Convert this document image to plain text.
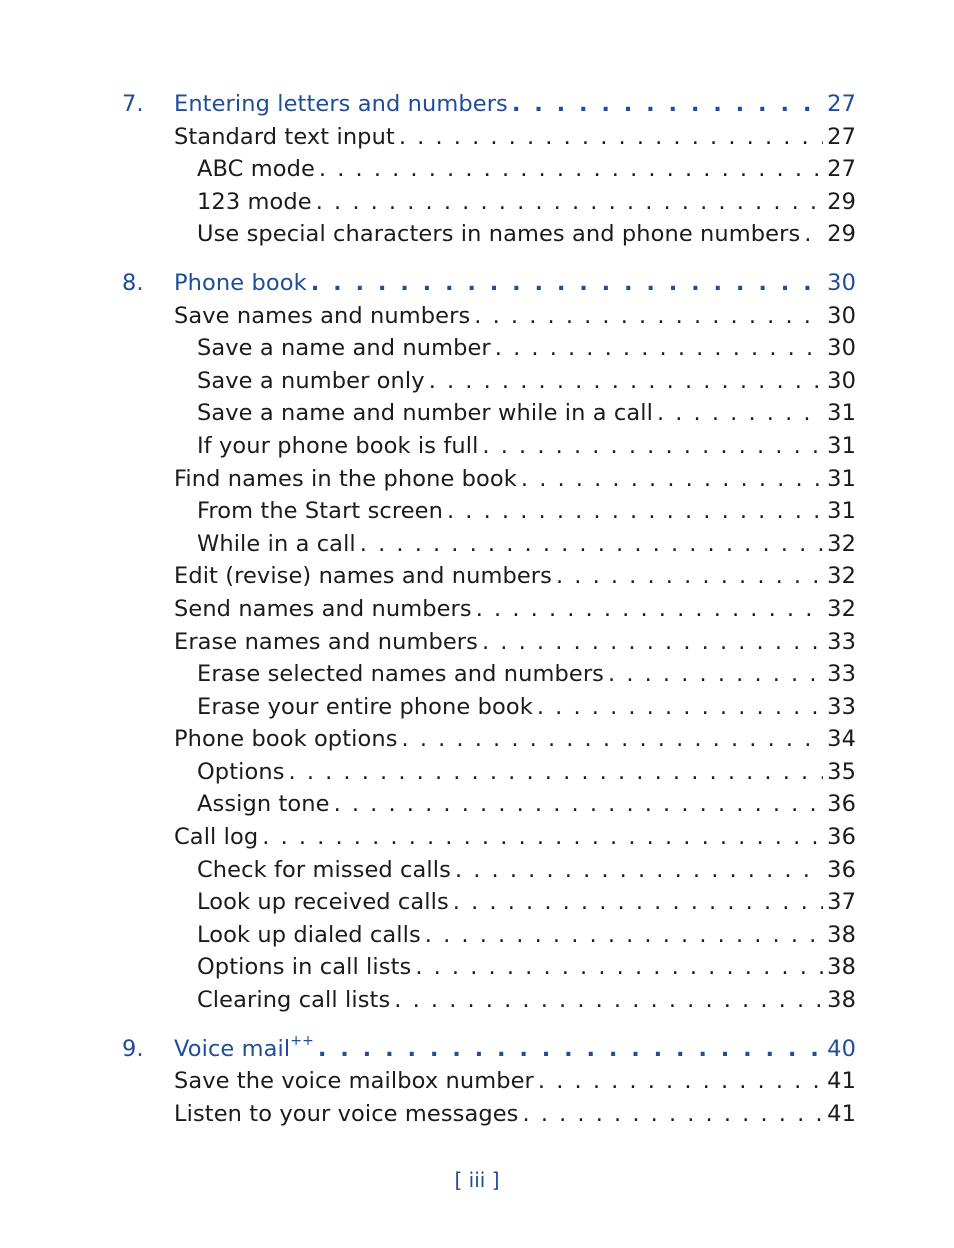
7.	Entering letters and numbers . . .	27
Standard text input . . .	27
ABC mode . . .	27
123 mode . . .	29
Use special characters in names and phone numbers . . . 29
8.	Phone book . . .	30
Save names and numbers . . .	30
Save a name and number . . .	30
Save a number only . . .	30
Save a name and number while in a call . . .	31
If your phone book is full . . .	31
Find names in the phone book . . .	31
From the Start screen . . .	31
While in a call . . .	32
Edit (revise) names and numbers . . .	32
Send names and numbers . . .	32
Erase names and numbers . . .	33
Erase selected names and numbers . . .	33
Erase your entire phone book . . .	33
Phone book options . . .	34
Options . . .	35
Assign tone . . .	36
Call log . . .	36
Check for missed calls . . .	36
Look up received calls . . .	37
Look up dialed calls . . .	38
Options in call lists . . .	38
Clearing call lists . . .	38
9.	Voice mail++ . . .	40
Save the voice mailbox number . . .	41
Listen to your voice messages . . .	41
[ iii ]
